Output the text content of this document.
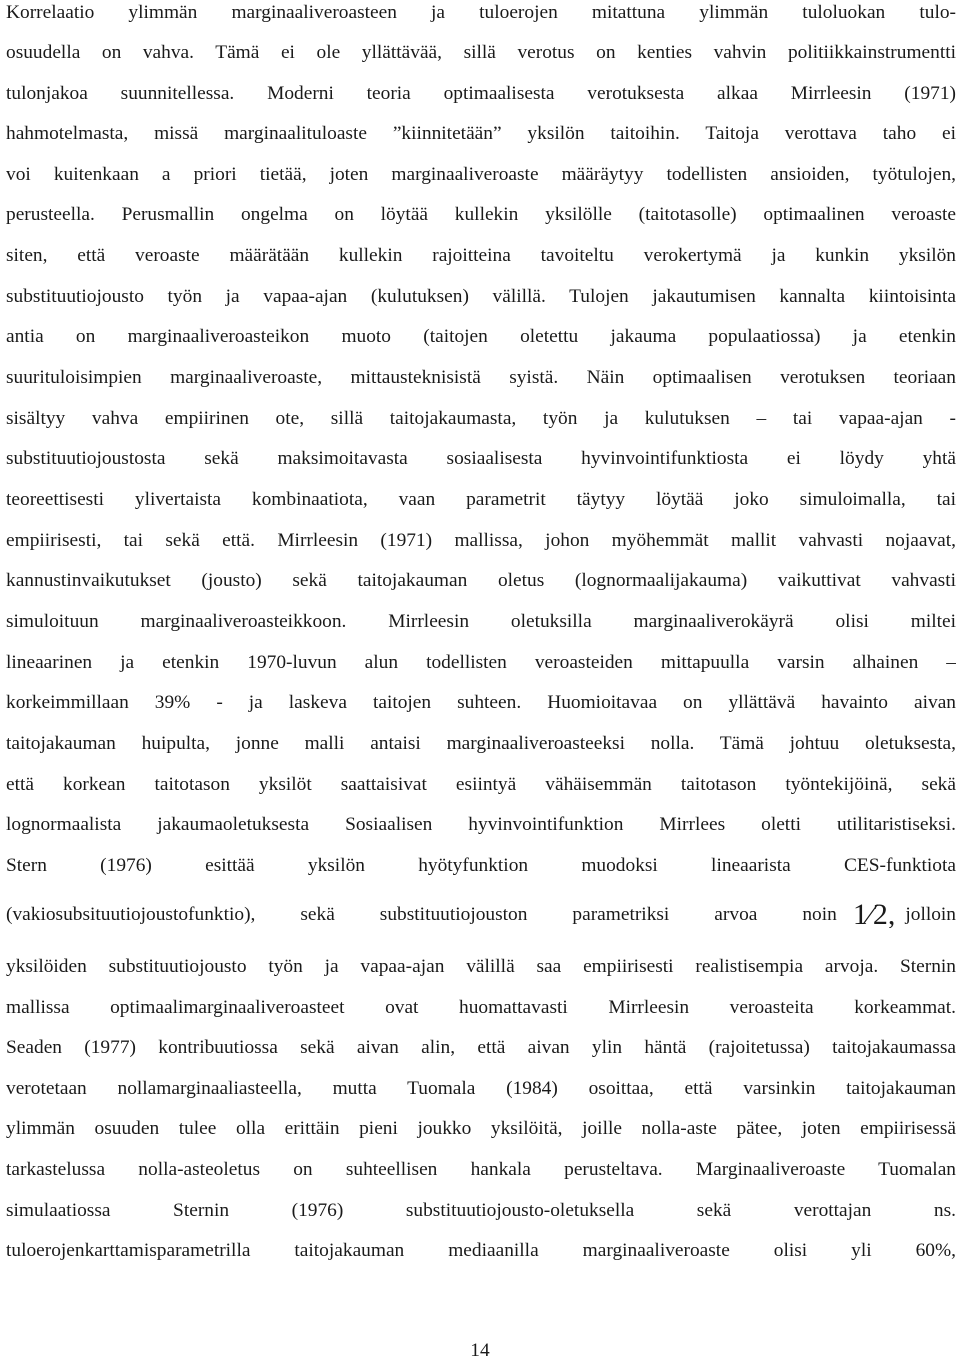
Korrelaatio ylimmän marginaaliveroasteen ja tuloerojen mitattuna ylimmän tuloluokan tulo-
osuudella on vahva. Tämä ei ole yllättävää, sillä verotus on kenties vahvin politiikkainstrumentti
tulonjakoa suunnitellessa. Moderni teoria optimaalisesta verotuksesta alkaa Mirrleesin (1971)
hahmotelmasta, missä marginaalituloaste ”kiinnitetään” yksilön taitoihin. Taitoja verottava taho ei
voi kuitenkaan a priori tietää, joten marginaaliveroaste määräytyy todellisten ansioiden, työtulojen,
perusteella. Perusmallin ongelma on löytää kullekin yksilölle (taitotasolle) optimaalinen veroaste
siten, että veroaste määrätään kullekin rajoitteina tavoiteltu verokertymä ja kunkin yksilön
substituutiojousto työn ja vapaa-ajan (kulutuksen) välillä. Tulojen jakautumisen kannalta kiintoisinta
antia on marginaaliveroasteikon muoto (taitojen oletettu jakauma populaatiossa) ja etenkin
suurituloisimpien marginaaliveroaste, mittausteknisistä syistä. Näin optimaalisen verotuksen teoriaan
sisältyy vahva empiirinen ote, sillä taitojakaumasta, työn ja kulutuksen – tai vapaa-ajan -
substituutiojoustosta sekä maksimoitavasta sosiaalisesta hyvinvointifunktiosta ei löydy yhtä
teoreettisesti ylivertaista kombinaatiota, vaan parametrit täytyy löytää joko simuloimalla, tai
empiirisesti, tai sekä että. Mirrleesin (1971) mallissa, johon myöhemmät mallit vahvasti nojaavat,
kannustinvaikutukset (jousto) sekä taitojakauman oletus (lognormaalijakauma) vaikuttivat vahvasti
simuloituun marginaaliveroasteikkoon. Mirrleesin oletuksilla marginaaliverokäyrä olisi miltei
lineaarinen ja etenkin 1970-luvun alun todellisten veroasteiden mittapuulla varsin alhainen –
korkeimmillaan 39% - ja laskeva taitojen suhteen. Huomioitavaa on yllättävä havainto aivan
taitojakauman huipulta, jonne malli antaisi marginaaliveroasteeksi nolla. Tämä johtuu oletuksesta,
että korkean taitotason yksilöt saattaisivat esiintyä vähäisemmän taitotason työntekijöinä, sekä
lognormaalista jakaumaoletuksesta Sosiaalisen hyvinvointifunktion Mirrlees oletti utilitaristiseksi.
Stern (1976) esittää yksilön hyötyfunktion muodoksi lineaarista CES-funktiota
(vakiosubsituutiojoustofunktio), sekä substituutiojouston parametriksi arvoa noin 1⁄2, jolloin
yksilöiden substituutiojousto työn ja vapaa-ajan välillä saa empiirisesti realistisempia arvoja. Sternin
mallissa optimaalimarginaaliveroasteet ovat huomattavasti Mirrleesin veroasteita korkeammat.
Seaden (1977) kontribuutiossa sekä aivan alin, että aivan ylin häntä (rajoitetussa) taitojakaumassa
verotetaan nollamarginaaliasteella, mutta Tuomala (1984) osoittaa, että varsinkin taitojakauman
ylimmän osuuden tulee olla erittäin pieni joukko yksilöitä, joille nolla-aste pätee, joten empiirisessä
tarkastelussa nolla-asteoletus on suhteellisen hankala perusteltava. Marginaaliveroaste Tuomalan
simulaatiossa Sternin (1976) substituutiojousto-oletuksella sekä verottajan ns.
tuloerojenkarttamisparametrilla taitojakauman mediaanilla marginaaliveroaste olisi yli 60%,
14
